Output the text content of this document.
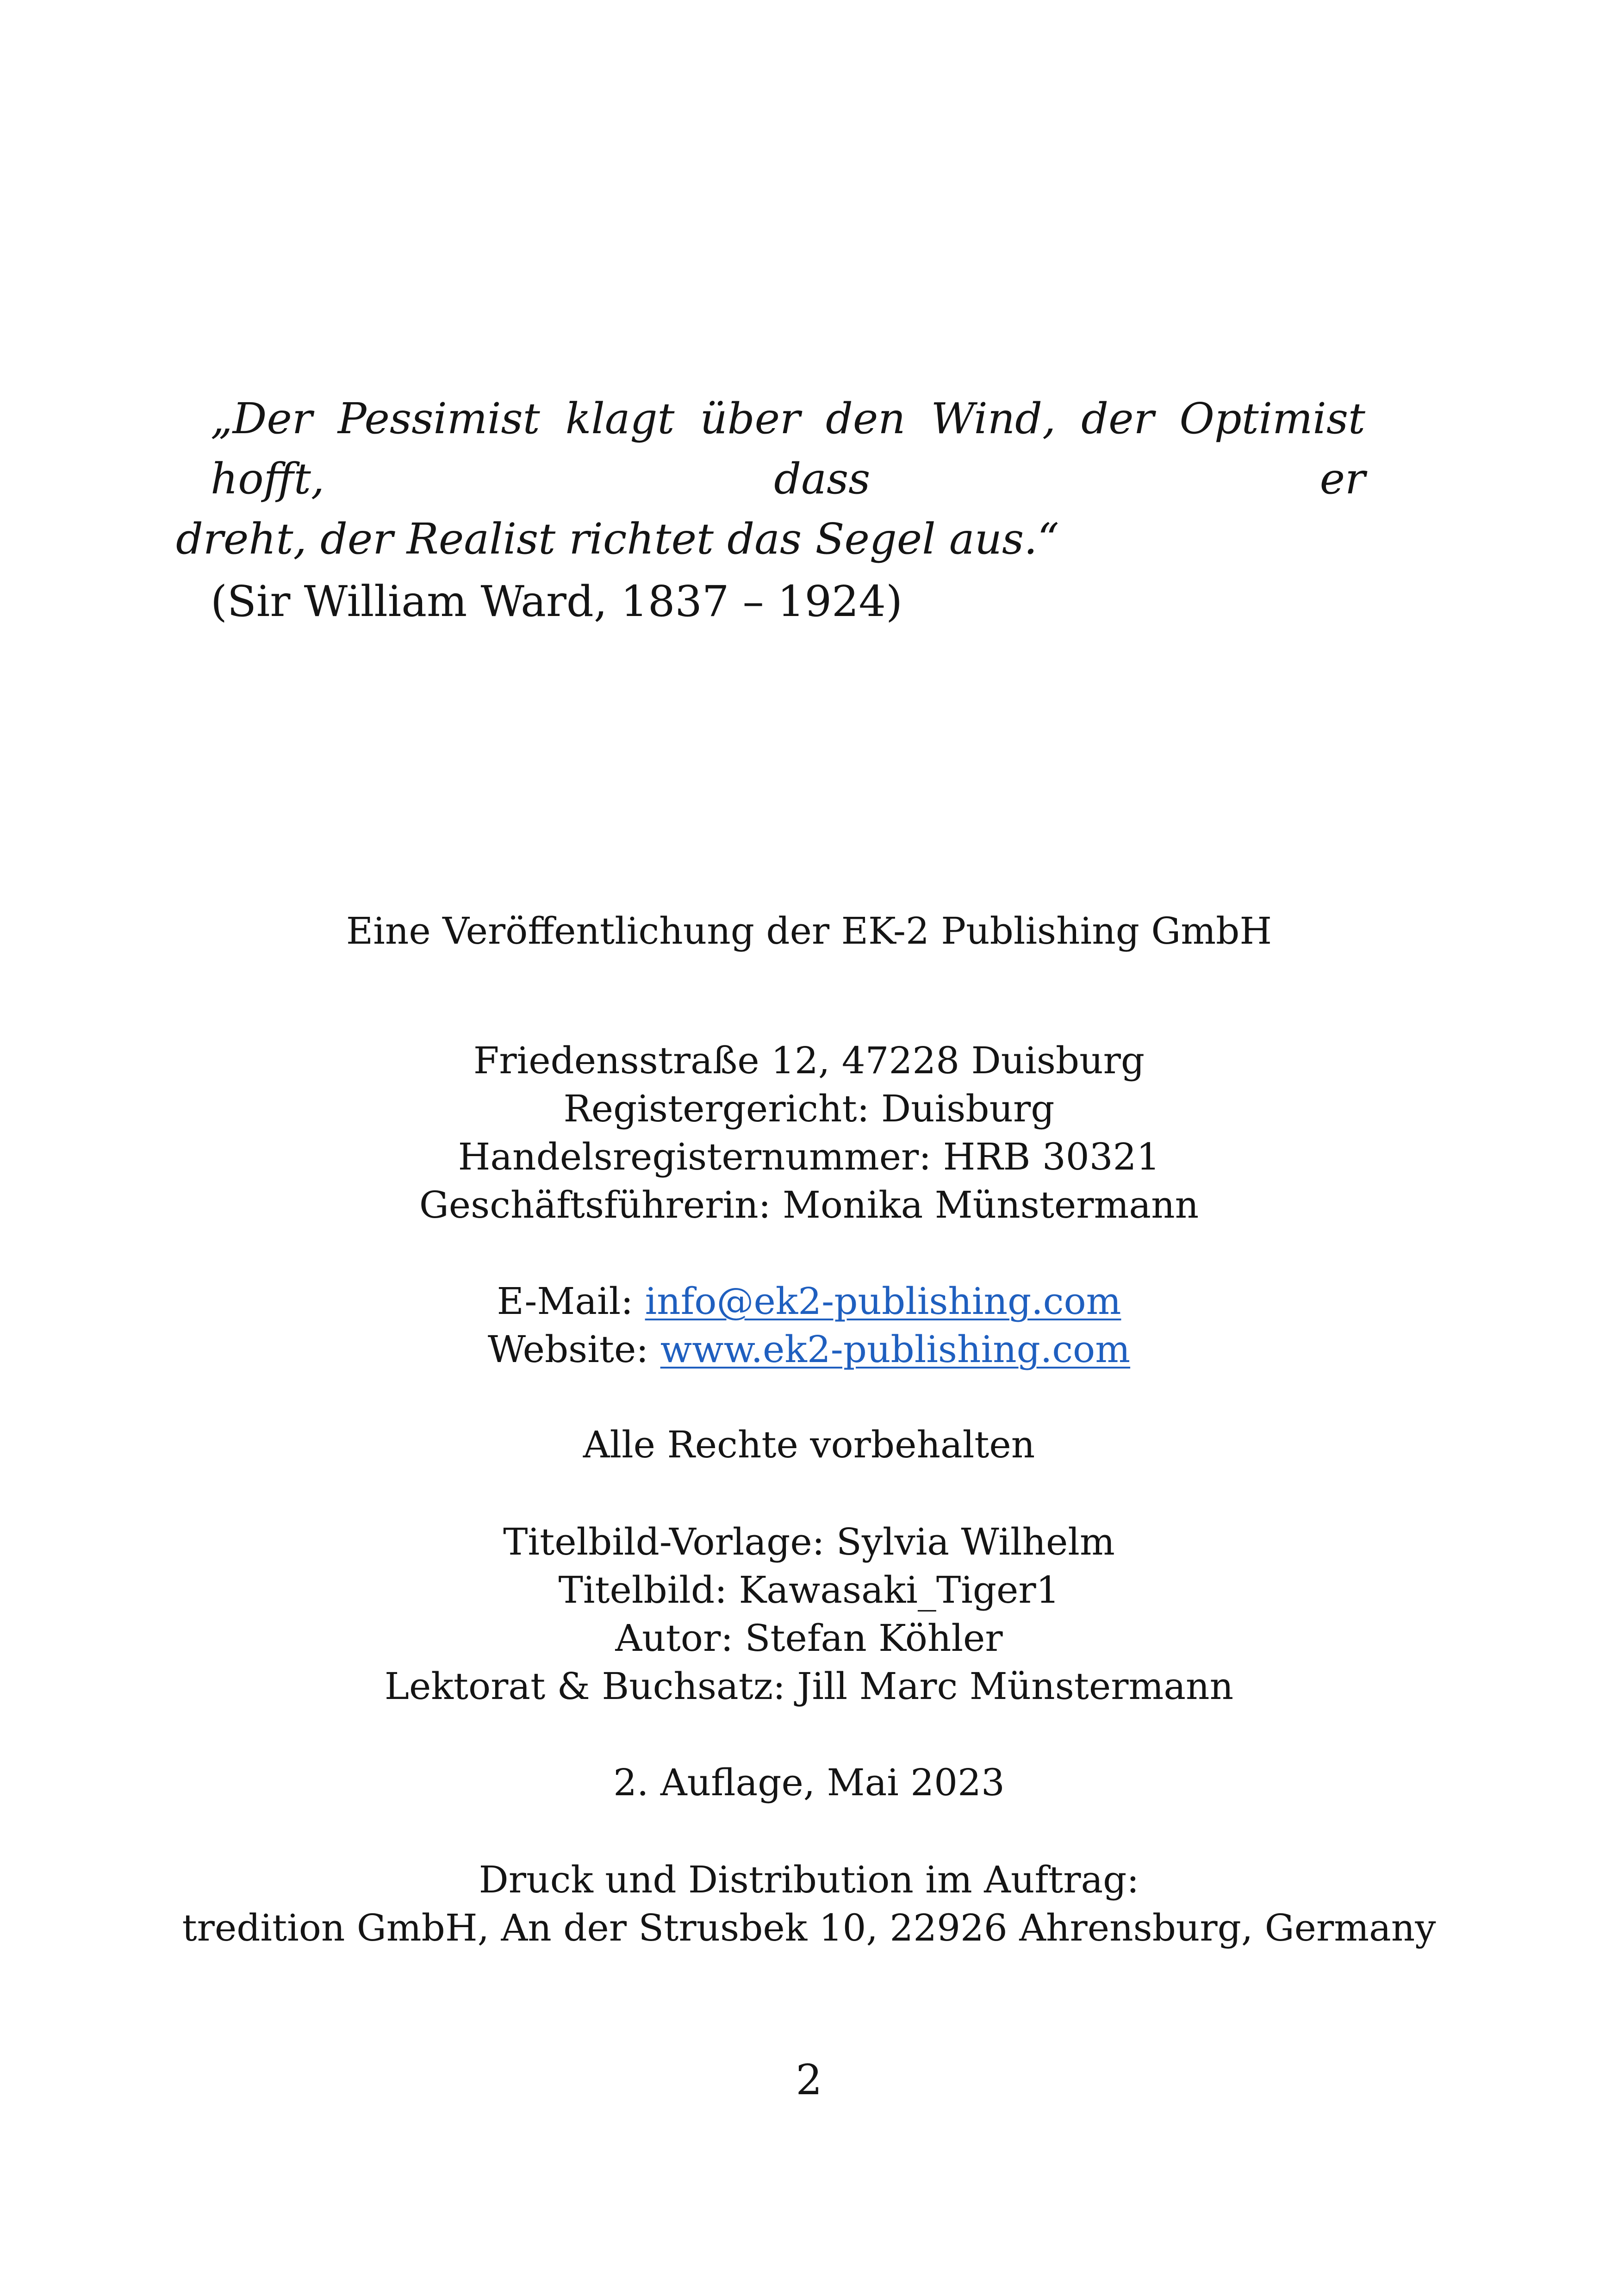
„Der Pessimist klagt über den Wind, der Optimist hofft, dass er
dreht, der Realist richtet das Segel aus.“
(Sir William Ward, 1837 – 1924)
Eine Veröffentlichung der EK-2 Publishing GmbH
Friedensstraße 12, 47228 Duisburg
Registergericht: Duisburg
Handelsregisternummer: HRB 30321
Geschäftsführerin: Monika Münstermann
E-Mail: info@ek2-publishing.com
Website: www.ek2-publishing.com
Alle Rechte vorbehalten
Titelbild-Vorlage: Sylvia Wilhelm
Titelbild: Kawasaki_Tiger1
Autor: Stefan Köhler
Lektorat & Buchsatz: Jill Marc Münstermann
2. Auflage, Mai 2023
Druck und Distribution im Auftrag:
tredition GmbH, An der Strusbek 10, 22926 Ahrensburg, Germany
2
